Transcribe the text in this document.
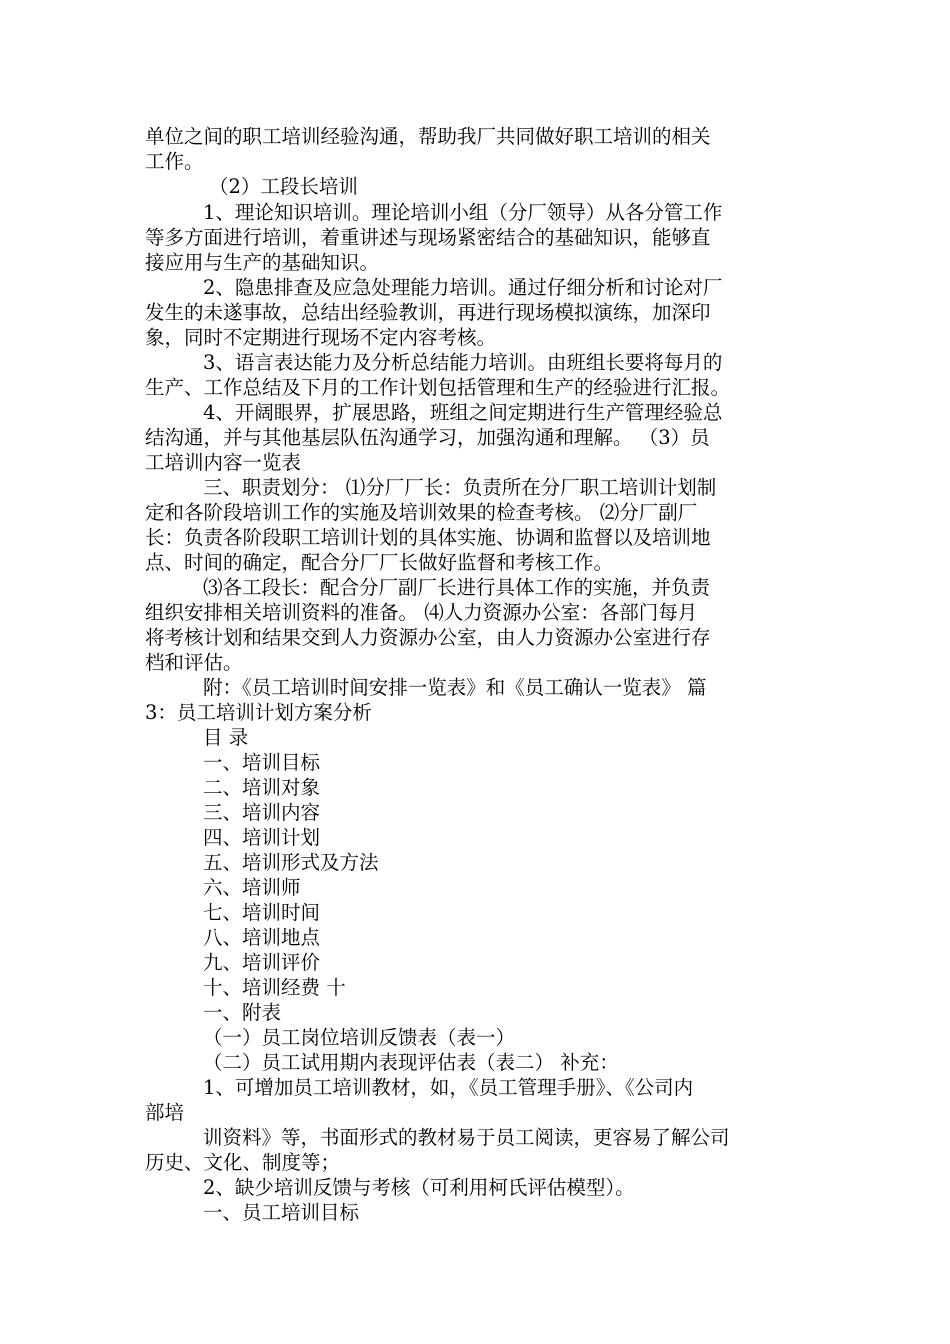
单位之间的职工培训经验沟通，帮助我厂共同做好职工培训的相关
工作。
（2）工段长培训
1、理论知识培训。理论培训小组（分厂领导）从各分管工作
等多方面进行培训，着重讲述与现场紧密结合的基础知识，能够直
接应用与生产的基础知识。
2、隐患排查及应急处理能力培训。通过仔细分析和讨论对厂
发生的未遂事故，总结出经验教训，再进行现场模拟演练，加深印
象，同时不定期进行现场不定内容考核。
3、语言表达能力及分析总结能力培训。由班组长要将每月的
生产、工作总结及下月的工作计划包括管理和生产的经验进行汇报。
4、开阔眼界，扩展思路，班组之间定期进行生产管理经验总
结沟通，并与其他基层队伍沟通学习，加强沟通和理解。 （3）员
工培训内容一览表
三、职责划分： ⑴分厂厂长：负责所在分厂职工培训计划制
定和各阶段培训工作的实施及培训效果的检查考核。 ⑵分厂副厂
长：负责各阶段职工培训计划的具体实施、协调和监督以及培训地
点、时间的确定，配合分厂厂长做好监督和考核工作。
⑶各工段长：配合分厂副厂长进行具体工作的实施，并负责
组织安排相关培训资料的准备。 ⑷人力资源办公室：各部门每月
将考核计划和结果交到人力资源办公室，由人力资源办公室进行存
档和评估。
附：《员工培训时间安排一览表》和《员工确认一览表》 篇
3：员工培训计划方案分析
目 录
一、培训目标
二、培训对象
三、培训内容
四、培训计划
五、培训形式及方法
六、培训师
七、培训时间
八、培训地点
九、培训评价
十、培训经费 十
一、附表
（一）员工岗位培训反馈表（表一）
（二）员工试用期内表现评估表（表二） 补充：
1、可增加员工培训教材，如，《员工管理手册》、《公司内
部培
训资料》等，书面形式的教材易于员工阅读，更容易了解公司
历史、文化、制度等；
2、缺少培训反馈与考核（可利用柯氏评估模型）。
一、员工培训目标
